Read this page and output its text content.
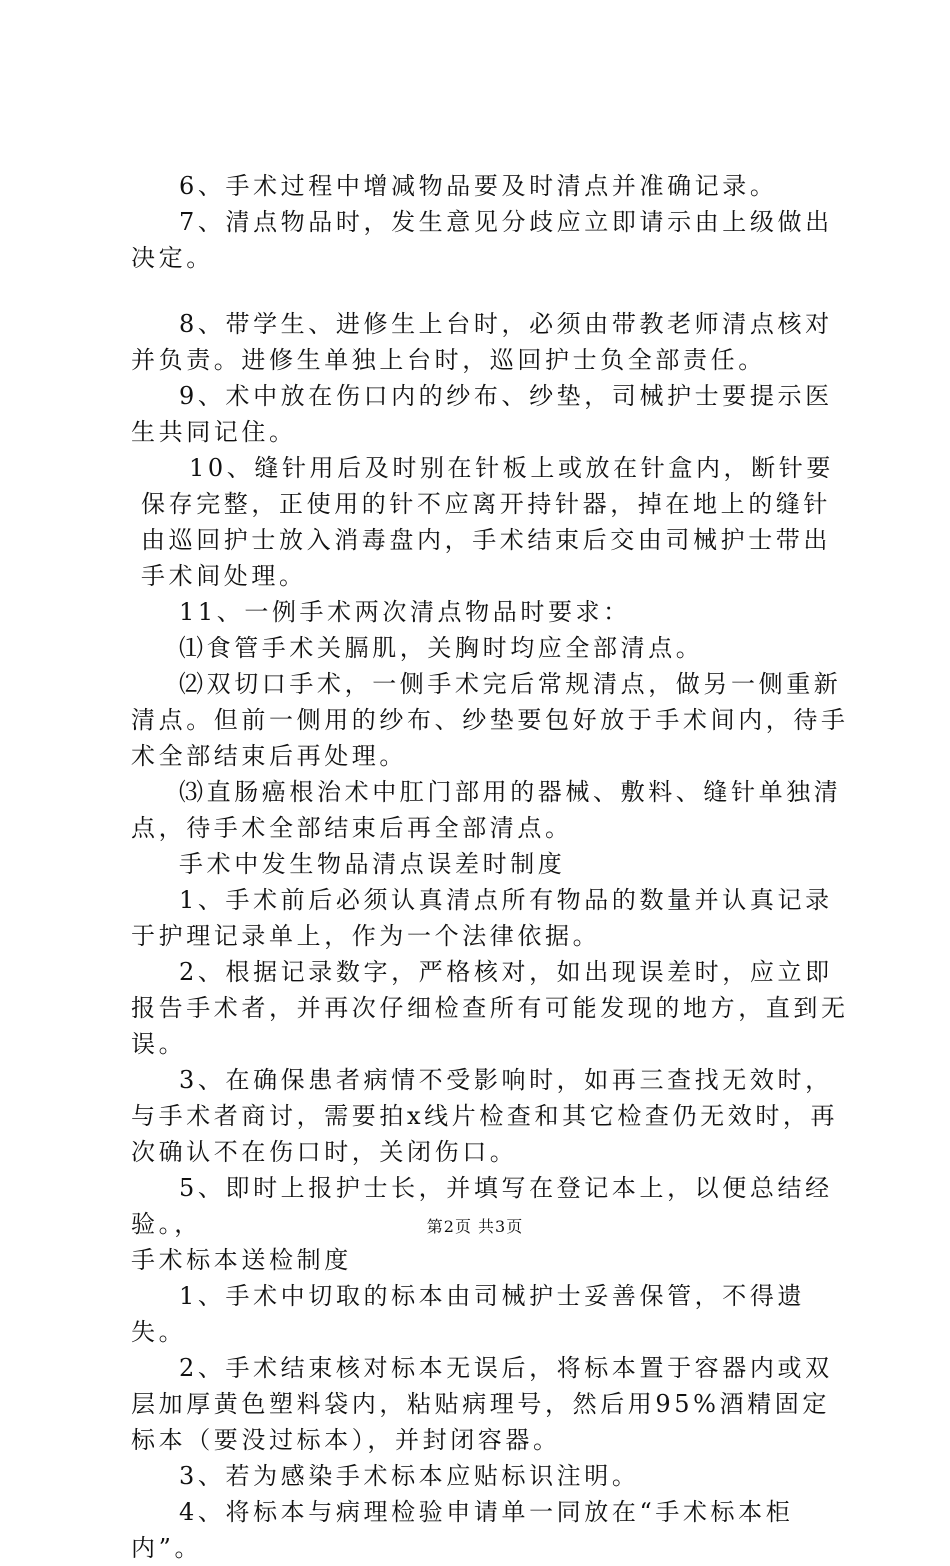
6、手术过程中增减物品要及时清点并准确记录。

7、清点物品时，发生意见分歧应立即请示由上级做出决定。

8、带学生、进修生上台时，必须由带教老师清点核对并负责。进修生单独上台时，巡回护士负全部责任。

9、术中放在伤口内的纱布、纱垫，司械护士要提示医生共同记住。

10、缝针用后及时别在针板上或放在针盒内，断针要保存完整，正使用的针不应离开持针器，掉在地上的缝针由巡回护士放入消毒盘内，手术结束后交由司械护士带出手术间处理。

11、一例手术两次清点物品时要求：

⑴食管手术关膈肌，关胸时均应全部清点。

⑵双切口手术，一侧手术完后常规清点，做另一侧重新清点。但前一侧用的纱布、纱垫要包好放于手术间内，待手术全部结束后再处理。

⑶直肠癌根治术中肛门部用的器械、敷料、缝针单独清点，待手术全部结束后再全部清点。

手术中发生物品清点误差时制度

1、手术前后必须认真清点所有物品的数量并认真记录于护理记录单上，作为一个法律依据。

2、根据记录数字，严格核对，如出现误差时，应立即报告手术者，并再次仔细检查所有可能发现的地方，直到无误。

3、在确保患者病情不受影响时，如再三查找无效时，与手术者商讨，需要拍x线片检查和其它检查仍无效时，再次确认不在伤口时，关闭伤口。

5、即时上报护士长，并填写在登记本上，以便总结经验。，

手术标本送检制度

1、手术中切取的标本由司械护士妥善保管，不得遗失。

2、手术结束核对标本无误后，将标本置于容器内或双层加厚黄色塑料袋内，粘贴病理号，然后用95%酒精固定标本（要没过标本），并封闭容器。

3、若为感染手术标本应贴标识注明。

4、将标本与病理检验申请单一同放在“手术标本柜内”。

第2页 共3页
